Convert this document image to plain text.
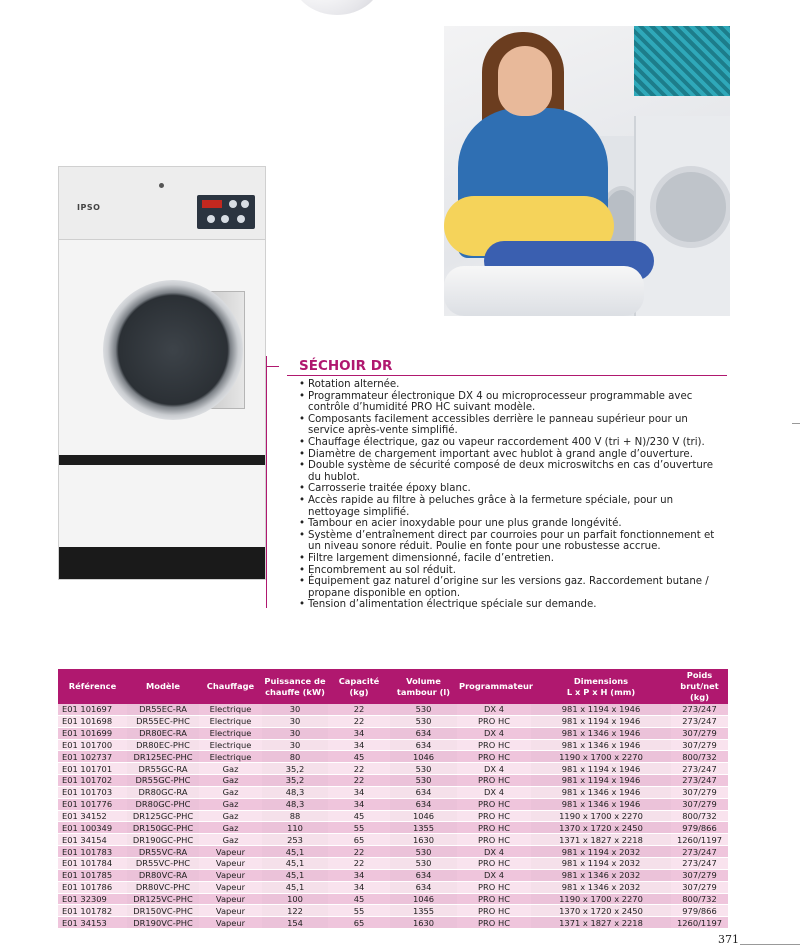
IPSO
SÉCHOIR DR
• Rotation alternée.
• Programmateur électronique DX 4 ou microprocesseur programmable avec contrôle d’humidité PRO HC suivant modèle.
• Composants facilement accessibles derrière le panneau supérieur pour un service après-vente simplifié.
• Chauffage électrique, gaz ou vapeur raccordement 400 V (tri + N)/230 V (tri).
• Diamètre de chargement important avec hublot à grand angle d’ouverture.
• Double système de sécurité composé de deux microswitchs en cas d’ouverture du hublot.
• Carrosserie traitée époxy blanc.
• Accès rapide au filtre à peluches grâce à la fermeture spéciale, pour un nettoyage simplifié.
• Tambour en acier inoxydable pour une plus grande longévité.
• Système d’entraînement direct par courroies pour un parfait fonctionnement et un niveau sonore réduit. Poulie en fonte pour une robustesse accrue.
• Filtre largement dimensionné, facile d’entretien.
• Encombrement au sol réduit.
• Équipement gaz naturel d’origine sur les versions gaz. Raccordement butane / propane disponible en option.
• Tension d’alimentation électrique spéciale sur demande.
Référence	Modèle	Chauffage	Puissance de
chauffe (kW)	Capacité
(kg)	Volume
tambour (l)	Programmateur	Dimensions
L x P x H (mm)	Poids
brut/net (kg)
E01 101697	DR55EC-RA	Electrique	30	22	530	DX 4	981 x 1194 x 1946	273/247
E01 101698	DR55EC-PHC	Electrique	30	22	530	PRO HC	981 x 1194 x 1946	273/247
E01 101699	DR80EC-RA	Electrique	30	34	634	DX 4	981 x 1346 x 1946	307/279
E01 101700	DR80EC-PHC	Electrique	30	34	634	PRO HC	981 x 1346 x 1946	307/279
E01 102737	DR125EC-PHC	Electrique	80	45	1046	PRO HC	1190 x 1700 x 2270	800/732
E01 101701	DR55GC-RA	Gaz	35,2	22	530	DX 4	981 x 1194 x 1946	273/247
E01 101702	DR55GC-PHC	Gaz	35,2	22	530	PRO HC	981 x 1194 x 1946	273/247
E01 101703	DR80GC-RA	Gaz	48,3	34	634	DX 4	981 x 1346 x 1946	307/279
E01 101776	DR80GC-PHC	Gaz	48,3	34	634	PRO HC	981 x 1346 x 1946	307/279
E01 34152	DR125GC-PHC	Gaz	88	45	1046	PRO HC	1190 x 1700 x 2270	800/732
E01 100349	DR150GC-PHC	Gaz	110	55	1355	PRO HC	1370 x 1720 x 2450	979/866
E01 34154	DR190GC-PHC	Gaz	253	65	1630	PRO HC	1371 x 1827 x 2218	1260/1197
E01 101783	DR55VC-RA	Vapeur	45,1	22	530	DX 4	981 x 1194 x 2032	273/247
E01 101784	DR55VC-PHC	Vapeur	45,1	22	530	PRO HC	981 x 1194 x 2032	273/247
E01 101785	DR80VC-RA	Vapeur	45,1	34	634	DX 4	981 x 1346 x 2032	307/279
E01 101786	DR80VC-PHC	Vapeur	45,1	34	634	PRO HC	981 x 1346 x 2032	307/279
E01 32309	DR125VC-PHC	Vapeur	100	45	1046	PRO HC	1190 x 1700 x 2270	800/732
E01 101782	DR150VC-PHC	Vapeur	122	55	1355	PRO HC	1370 x 1720 x 2450	979/866
E01 34153	DR190VC-PHC	Vapeur	154	65	1630	PRO HC	1371 x 1827 x 2218	1260/1197
371
